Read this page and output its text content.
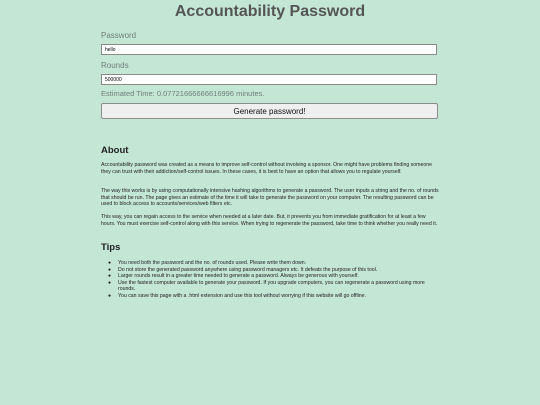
Accountability Password
Password
hello
Rounds
500000
Estimated Time: 0.07721666666616996 minutes.
Generate password!
About

Accountability password was created as a means to improve self-control without involving a sponsor. One might have problems finding someone they can trust with their addiction/self-control issues. In these cases, it is best to have an option that allows you to regulate yourself.

The way this works is by using computationally intensive hashing algorithms to generate a password. The user inputs a string and the no. of rounds that should be run. The page gives an estimate of the time it will take to generate the password on your computer. The resulting password can be used to block access to accounts/services/web filters etc.

This way, you can regain access to the service when needed at a later date. But, it prevents you from immediate gratification for at least a few hours. You must exercise self-control along with this service. When trying to regenerate the password, take time to think whether you really need it.

Tips
● You need both the password and the no. of rounds used. Please write them down.
● Do not store the generated password anywhere using password managers etc. It defeats the purpose of this tool.
● Larger rounds result in a greater time needed to generate a password. Always be generous with yourself.
● Use the fastest computer available to generate your password. If you upgrade computers, you can regenerate a password using more rounds.
● You can save this page with a .html extension and use this tool without worrying if this website will go offline.
